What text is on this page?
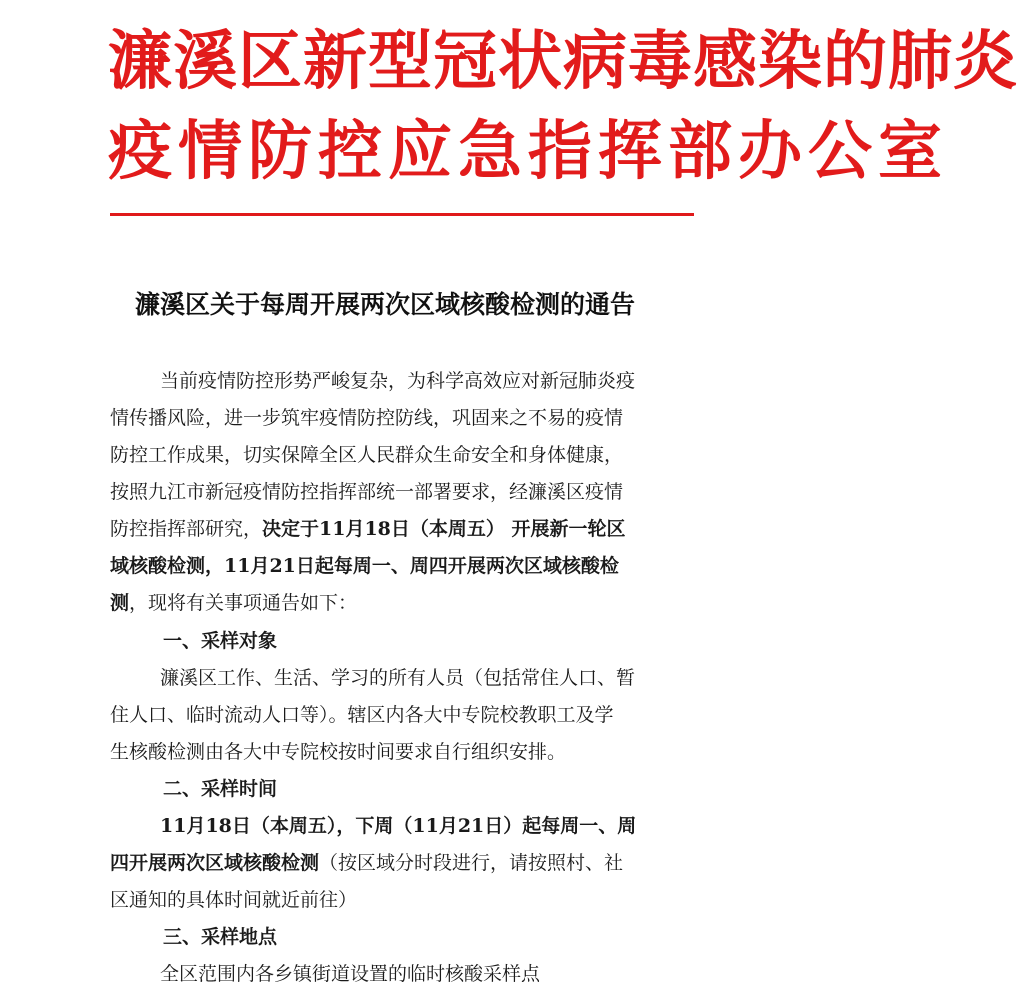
濂溪区新型冠状病毒感染的肺炎
疫情防控应急指挥部办公室
濂溪区关于每周开展两次区域核酸检测的通告
当前疫情防控形势严峻复杂，为科学高效应对新冠肺炎疫
情传播风险，进一步筑牢疫情防控防线，巩固来之不易的疫情
防控工作成果，切实保障全区人民群众生命安全和身体健康，
按照九江市新冠疫情防控指挥部统一部署要求，经濂溪区疫情
防控指挥部研究，决定于11月18日（本周五） 开展新一轮区
域核酸检测，11月21日起每周一、周四开展两次区域核酸检
测，现将有关事项通告如下：
一、采样对象
濂溪区工作、生活、学习的所有人员（包括常住人口、暂
住人口、临时流动人口等）。辖区内各大中专院校教职工及学
生核酸检测由各大中专院校按时间要求自行组织安排。
二、采样时间
11月18日（本周五），下周（11月21日）起每周一、周
四开展两次区域核酸检测（按区域分时段进行，请按照村、社
区通知的具体时间就近前往）
三、采样地点
全区范围内各乡镇街道设置的临时核酸采样点
